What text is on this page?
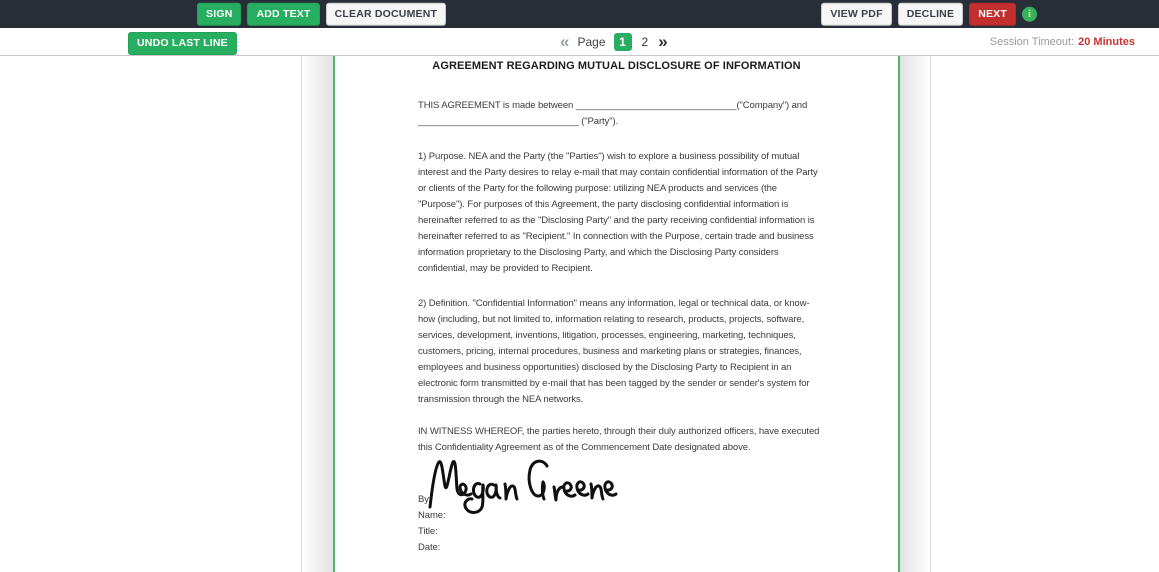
SIGN	ADD TEXT	CLEAR DOCUMENT	VIEW PDF	DECLINE	NEXT	i
UNDO LAST LINE	« Page	1	2 »	Session Timeout: 20 Minutes
AGREEMENT REGARDING MUTUAL DISCLOSURE OF INFORMATION
THIS AGREEMENT is made between _______________________________("Company") and
_______________________________ ("Party").
1) Purpose. NEA and the Party (the "Parties") wish to explore a business possibility of mutual interest and the Party desires to relay e-mail that may contain confidential information of the Party or clients of the Party for the following purpose: utilizing NEA products and services (the "Purpose"). For purposes of this Agreement, the party disclosing confidential information is hereinafter referred to as the "Disclosing Party" and the party receiving confidential information is hereinafter referred to as "Recipient." In connection with the Purpose, certain trade and business information proprietary to the Disclosing Party, and which the Disclosing Party considers confidential, may be provided to Recipient.
2) Definition. "Confidential Information" means any information, legal or technical data, or know-how (including, but not limited to, information relating to research, products, projects, software, services, development, inventions, litigation, processes, engineering, marketing, techniques, customers, pricing, internal procedures, business and marketing plans or strategies, finances, employees and business opportunities) disclosed by the Disclosing Party to Recipient in an electronic form transmitted by e-mail that has been tagged by the sender or sender's system for transmission through the NEA networks.
IN WITNESS WHEREOF, the parties hereto, through their duly authorized officers, have executed this Confidentiality Agreement as of the Commencement Date designated above.
By:
Name:
Title:
Date:
